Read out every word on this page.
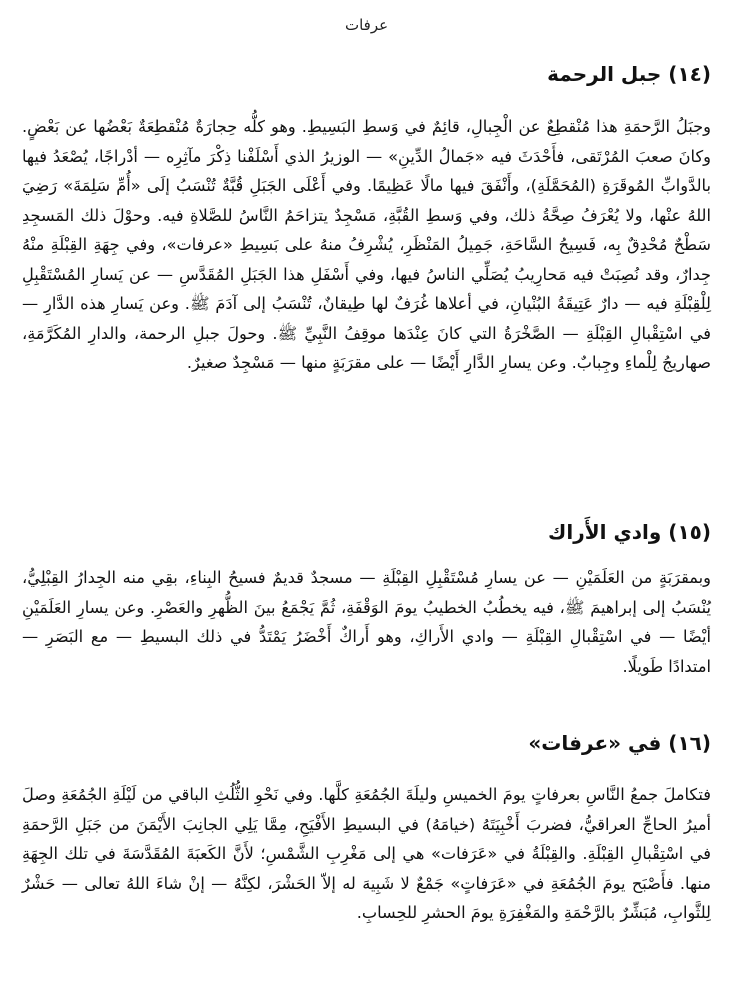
عرفات
(١٤) جبل الرحمة

وجبَلُ الرَّحمَةِ هذا مُنْقطِعٌ عن الْجِبالِ، قائِمٌ في وَسطِ البَسِيطِ. وهو كلُّه حِجارَةٌ مُنْقطِعَةٌ بَعْضُها عن بَعْضٍ. وكانَ صعبَ المُرْتَقى، فأَحْدَثَ فيه «جَمالُ الدِّينِ» — الوزيرُ الذي أَسْلَفْنا ذِكْرَ مآثِرِه — أدْراجًا، يُصْعَدُ فيها بالدَّوابِّ المُوقَرَةِ (المُحَمَّلَةِ)، وأَنْفَقَ فيها مالًا عَظِيمًا. وفي أَعْلَى الجَبَلِ قُبَّةٌ تُنْسَبُ إلَى «أُمِّ سَلِمَةَ» رَضِيَ اللهُ عنْها، ولا يُعْرَفُ صِحَّةُ ذلك، وفي وَسطِ القُبَّةِ، مَسْجِدٌ يتزاحَمُ النَّاسُ للصَّلاةِ فيه. وحوْلَ ذلك المَسجِدِ سَطْحٌ مُحْدِقٌ بِه، فَسِيحُ السَّاحَةِ، جَمِيلُ المَنْظَرِ، يُشْرِفُ منهُ على بَسِيطِ «عرفات»، وفي جِهَةِ القِبْلَةِ منْهُ جِدارٌ، وقد نُصِبَتْ فيه مَحارِيبُ يُصَلِّي الناسُ فيها، وفي أَسْفَلِ هذا الجَبَلِ المُقَدَّسِ — عن يَسارِ المُسْتَقْبِلِ لِلْقِبْلَةِ فيه — دارٌ عَتِيقَةُ البُنْيانِ، في أعلاها غُرَفٌ لها طِيقانٌ، تُنْسَبُ إلى آدَمَ ﷺ. وعن يَسارِ هذه الدَّارِ — في اسْتِقْبالِ القِبْلَةِ — الصَّخْرَةُ التي كانَ عِنْدَها موقِفُ النَّبِيِّ ﷺ. وحولَ جبلِ الرحمة، والدارِ المُكَرَّمَةِ، صهاريجُ لِلْماءِ وجِبابٌ. وعن يسارِ الدَّارِ أَيْضًا — على مقرَبَةٍ منها — مَسْجِدٌ صغيرٌ.

(١٥) وادي الأَراك

وبمقرَبَةٍ من العَلَمَيْنِ — عن يسارِ مُسْتَقْبِلِ القِبْلَةِ — مسجدٌ قديمٌ فسيحُ البِناءِ، بقِي منه الجِدارُ القِبْلِيُّ، يُنْسَبُ إلى إبراهيمَ ﷺ، فيه يخطُبُ الخطيبُ يومَ الوَقْفَةِ، ثُمَّ يَجْمَعُ بينَ الظُّهرِ والعَصْرِ. وعن يسارِ العَلَمَيْنِ أيْضًا — في اسْتِقْبالِ القِبْلَةِ — وادي الأَراكِ، وهو أَراكٌ أَخْضَرُ يَمْتَدُّ في ذلك البسيطِ — مع البَصَرِ — امتدادًا طَويلًا.

(١٦) في «عرفات»

فتكاملَ جمعُ النَّاسِ بعرفاتٍ يومَ الخميسِ وليلَةَ الجُمُعَةِ كلَّها. وفي نَحْوِ الثُّلُثِ الباقي من لَيْلَةِ الجُمُعَةِ وصلَ أميرُ الحاجِّ العراقيُّ، فضربَ أَخْبِيَتَهُ (خيامَهُ) في البسيطِ الأَفْيَحِ، مِمَّا يَلِي الجانِبَ الأَيْمَنَ من جَبَلِ الرَّحمَةِ في اسْتِقْبالِ القِبْلَةِ. والقِبْلَةُ في «عَرَفات» هي إلى مَغْرِبِ الشَّمْسِ؛ لأَنَّ الكَعبَةَ المُقَدَّسَةَ في تلك الجِهَةِ منها. فأَصْبَح يومَ الجُمُعَةِ في «عَرَفاتٍ» جَمْعٌ لا شَبِيهَ له إلاّ الحَشْرَ، لكِنَّهُ — إنْ شاءَ اللهُ تعالى — حَشْرٌ لِلثَّوابِ، مُبَشِّرٌ بالرَّحْمَةِ والمَغْفِرَةِ يومَ الحشرِ للحِسابِ.
